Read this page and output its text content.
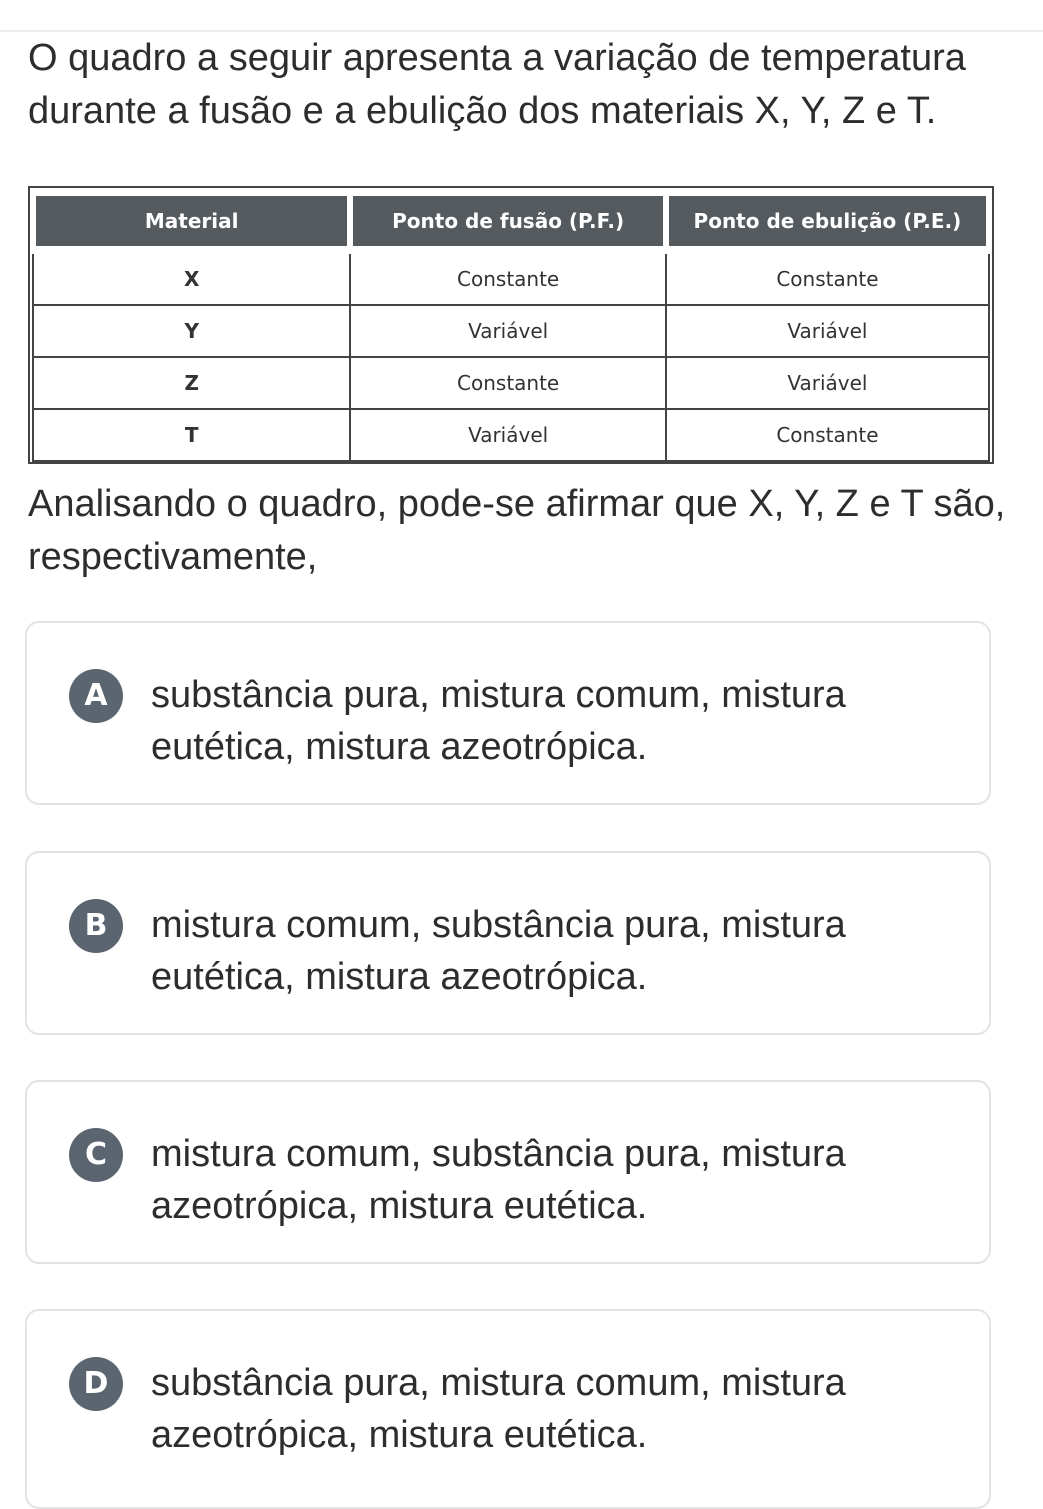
O quadro a seguir apresenta a variação de temperatura durante a fusão e a ebulição dos materiais X, Y, Z e T.

Material	Ponto de fusão (P.F.)	Ponto de ebulição (P.E.)
X	Constante	Constante
Y	Variável	Variável
Z	Constante	Variável
T	Variável	Constante

Analisando o quadro, pode-se afirmar que X, Y, Z e T são, respectivamente,

A	substância pura, mistura comum, mistura eutética, mistura azeotrópica.
B	mistura comum, substância pura, mistura eutética, mistura azeotrópica.
C	mistura comum, substância pura, mistura azeotrópica, mistura eutética.
D	substância pura, mistura comum, mistura azeotrópica, mistura eutética.
